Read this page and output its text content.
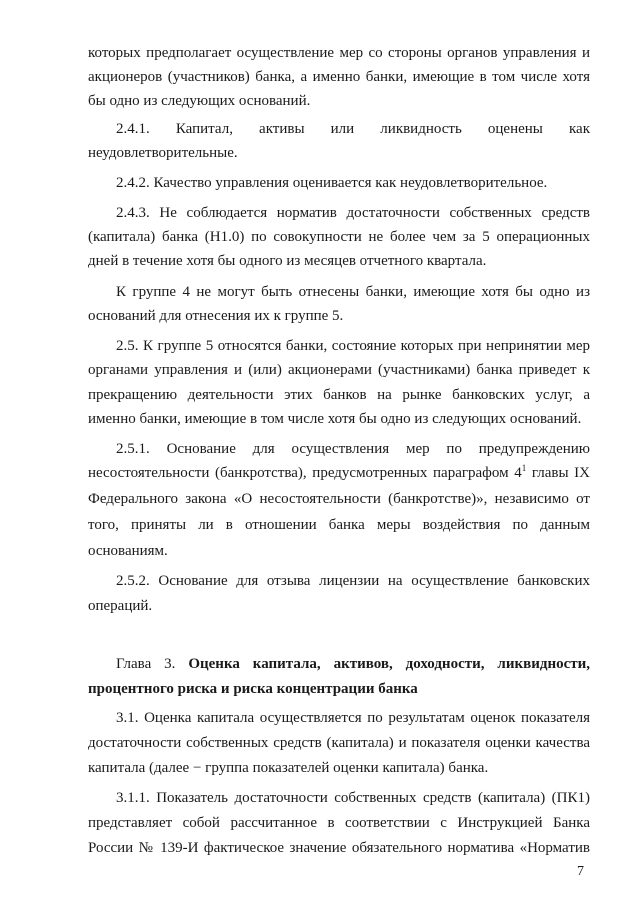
которых предполагает осуществление мер со стороны органов управления и
акционеров (участников) банка, а именно банки, имеющие в том числе хотя
бы одно из следующих оснований.
2.4.1. Капитал, активы или ликвидность оценены как
неудовлетворительные.
2.4.2. Качество управления оценивается как неудовлетворительное.
2.4.3. Не соблюдается норматив достаточности собственных средств
(капитала) банка (Н1.0) по совокупности не более чем за 5 операционных
дней в течение хотя бы одного из месяцев отчетного квартала.
К группе 4 не могут быть отнесены банки, имеющие хотя бы одно из
оснований для отнесения их к группе 5.
2.5. К группе 5 относятся банки, состояние которых при непринятии мер
органами управления и (или) акционерами (участниками) банка приведет к
прекращению деятельности этих банков на рынке банковских услуг, а
именно банки, имеющие в том числе хотя бы одно из следующих оснований.
2.5.1. Основание для осуществления мер по предупреждению
несостоятельности (банкротства), предусмотренных параграфом $4^1$ главы IX
Федерального закона «О несостоятельности (банкротстве)», независимо от
того, приняты ли в отношении банка меры воздействия по данным
основаниям.
2.5.2. Основание для отзыва лицензии на осуществление банковских
операций.
Глава 3. Оценка капитала, активов, доходности, ликвидности,
процентного риска и риска концентрации банка
3.1. Оценка капитала осуществляется по результатам оценок показателя
достаточности собственных средств (капитала) и показателя оценки качества
капитала (далее − группа показателей оценки капитала) банка.
3.1.1. Показатель достаточности собственных средств (капитала) (ПК1)
представляет собой рассчитанное в соответствии с Инструкцией Банка
России № 139-И фактическое значение обязательного норматива «Норматив
7
